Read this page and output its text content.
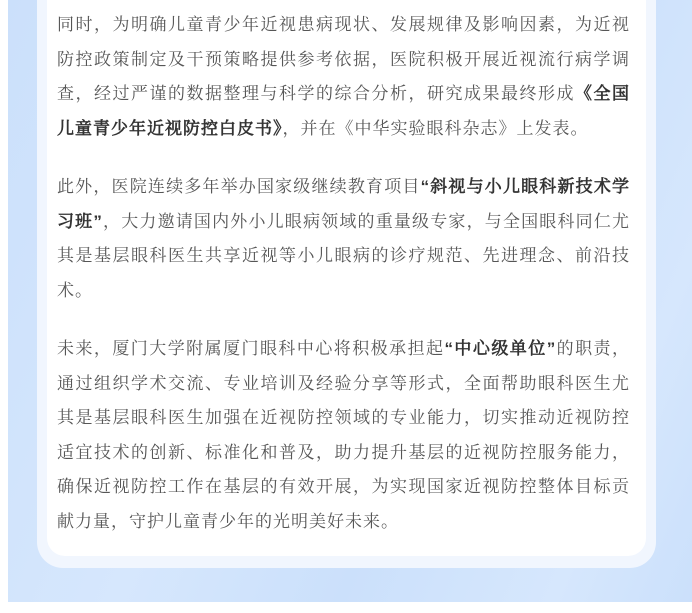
同时，为明确儿童青少年近视患病现状、发展规律及影响因素，为近视防控政策制定及干预策略提供参考依据，医院积极开展近视流行病学调查，经过严谨的数据整理与科学的综合分析，研究成果最终形成《全国儿童青少年近视防控白皮书》，并在《中华实验眼科杂志》上发表。

此外，医院连续多年举办国家级继续教育项目“斜视与小儿眼科新技术学习班”，大力邀请国内外小儿眼病领域的重量级专家，与全国眼科同仁尤其是基层眼科医生共享近视等小儿眼病的诊疗规范、先进理念、前沿技术。

未来，厦门大学附属厦门眼科中心将积极承担起“中心级单位”的职责，通过组织学术交流、专业培训及经验分享等形式，全面帮助眼科医生尤其是基层眼科医生加强在近视防控领域的专业能力，切实推动近视防控适宜技术的创新、标准化和普及，助力提升基层的近视防控服务能力，确保近视防控工作在基层的有效开展，为实现国家近视防控整体目标贡献力量，守护儿童青少年的光明美好未来。
